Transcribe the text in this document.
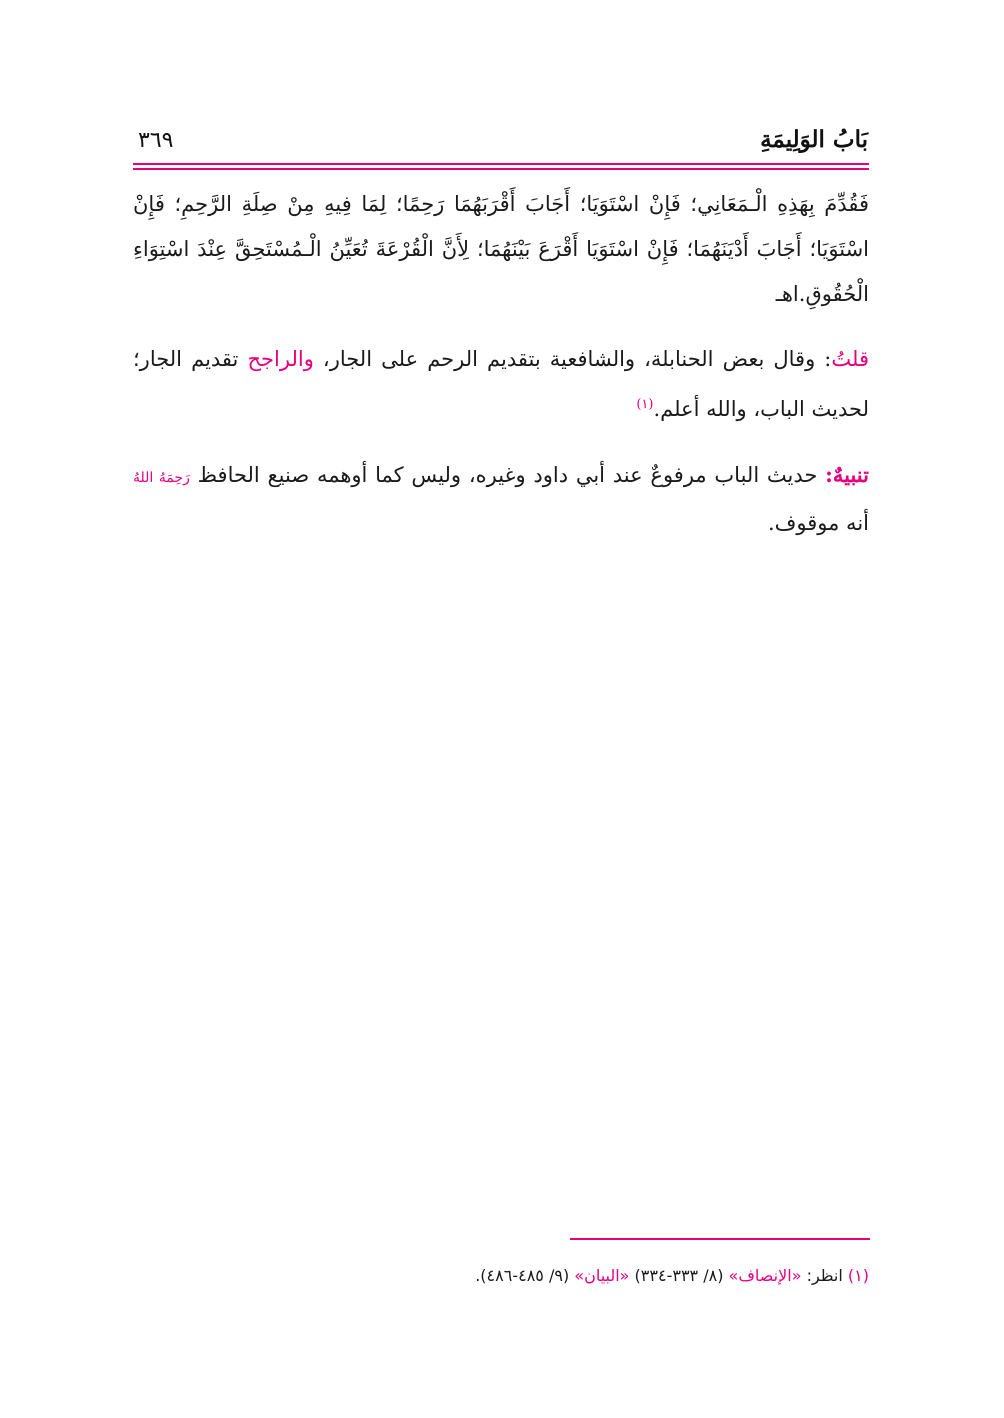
بَابُ الوَلِيمَةِ
٣٦٩
فَقُدِّمَ بِهَذِهِ الْـمَعَانِي؛ فَإِنْ اسْتَوَيَا؛ أَجَابَ أَقْرَبَهُمَا رَحِمًا؛ لِمَا فِيهِ مِنْ صِلَةِ الرَّحِمِ؛ فَإِنْ اسْتَوَيَا؛ أَجَابَ أَدْيَنَهُمَا؛ فَإِنْ اسْتَوَيَا أَقْرَعَ بَيْنَهُمَا؛ لِأَنَّ الْقُرْعَةَ تُعَيِّنُ الْـمُسْتَحِقَّ عِنْدَ اسْتِوَاءِ الْحُقُوقِ.اهـ
قلتُ: وقال بعض الحنابلة، والشافعية بتقديم الرحم على الجار، والراجح تقديم الجار؛ لحديث الباب، والله أعلم.$^{(١)}$
تنبيهٌ: حديث الباب مرفوعٌ عند أبي داود وغيره، وليس كما أوهمه صنيع الحافظ رَحِمَهُ اللهُ أنه موقوف.
(١) انظر: «الإنصاف» (٨/ ٣٣٣-٣٣٤) «البيان» (٩/ ٤٨٥-٤٨٦).
